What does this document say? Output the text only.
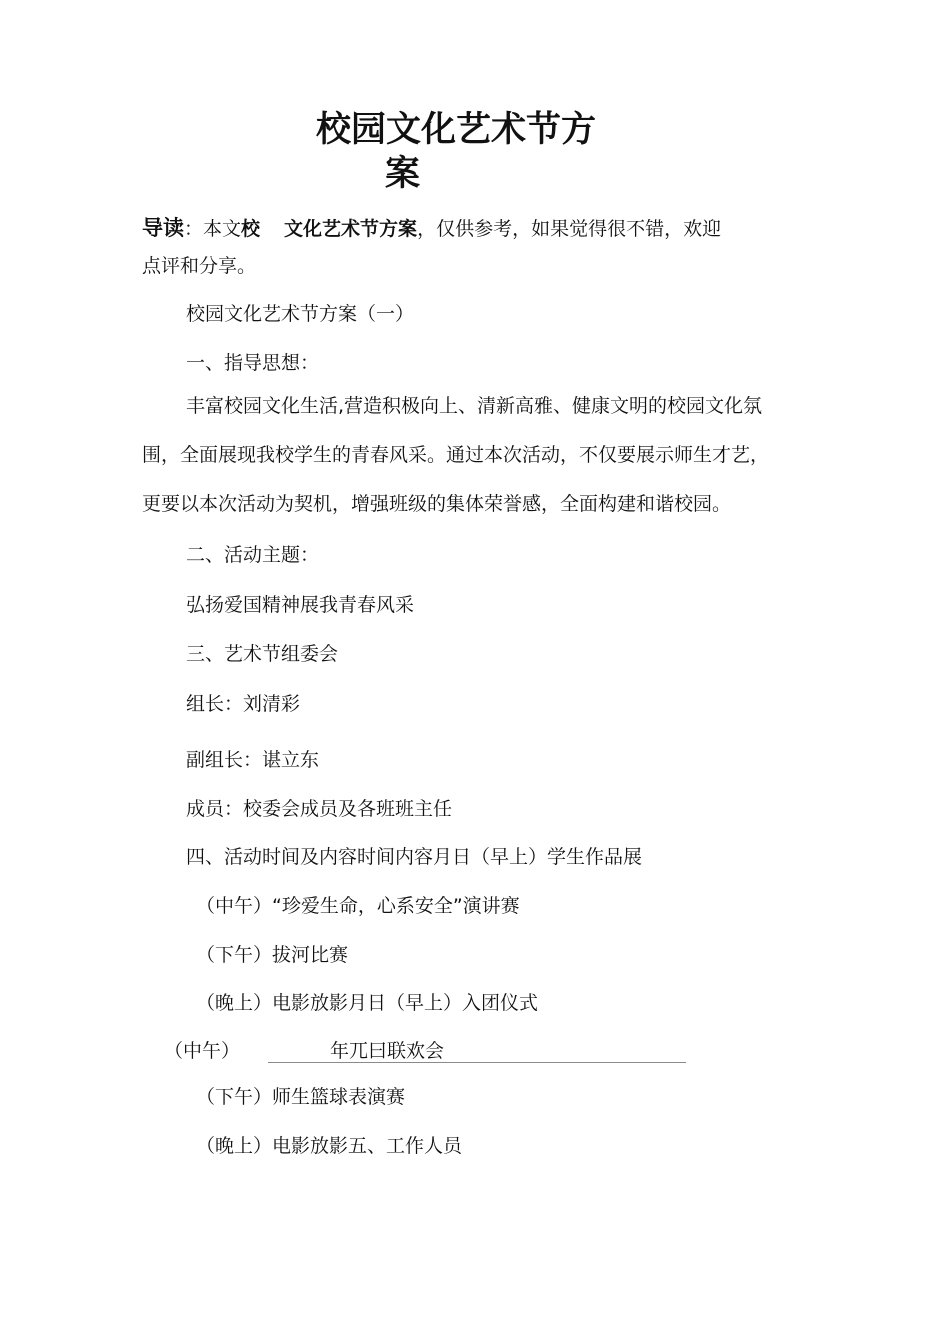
校园文化艺术节方
案
导读：本文校 文化艺术节方案，仅供参考，如果觉得很不错，欢迎
点评和分享。
校园文化艺术节方案（一）
一、指导思想：
丰富校园文化生活,营造积极向上、清新高雅、健康文明的校园文化氛
围，全面展现我校学生的青春风采。通过本次活动，不仅要展示师生才艺，
更要以本次活动为契机，增强班级的集体荣誉感，全面构建和谐校园。
二、活动主题：
弘扬爱国精神展我青春风采
三、艺术节组委会
组长：刘清彩
副组长：谌立东
成员：校委会成员及各班班主任
四、活动时间及内容时间内容月日（早上）学生作品展
（中午）“珍爱生命，心系安全”演讲赛
（下午）拔河比赛
（晚上）电影放影月日（早上）入团仪式
（中午）	年兀曰联欢会
（下午）师生篮球表演赛
（晚上）电影放影五、工作人员
